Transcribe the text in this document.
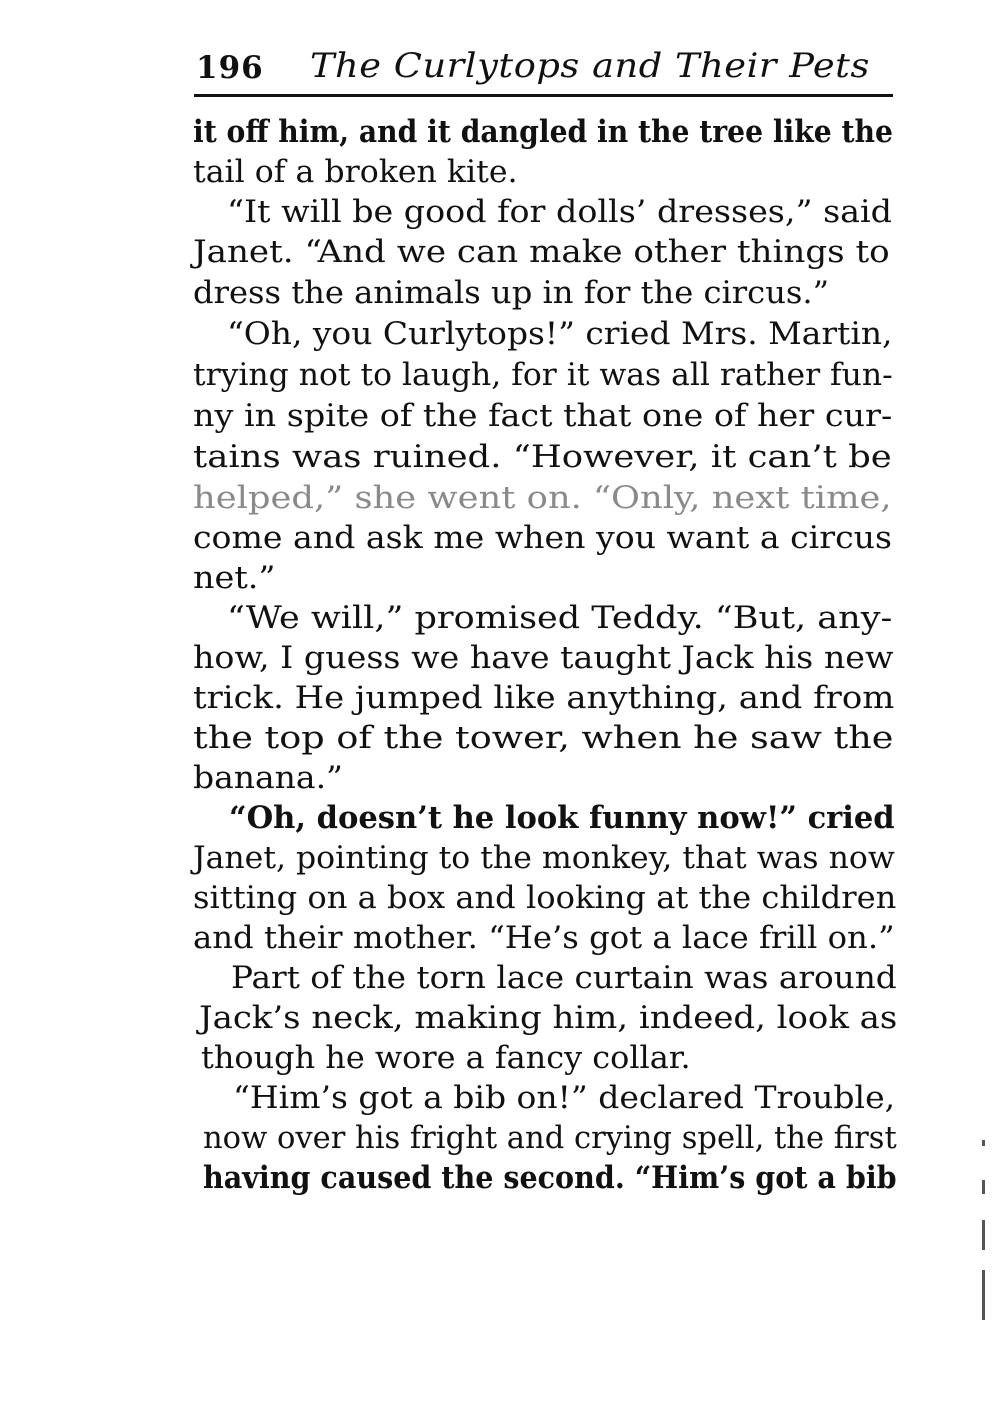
196 The Curlytops and Their Pets
it off him, and it dangled in the tree like the
tail of a broken kite.
“It will be good for dolls’ dresses,” said
Janet. “And we can make other things to
dress the animals up in for the circus.”
“Oh, you Curlytops!” cried Mrs. Martin,
trying not to laugh, for it was all rather fun-
ny in spite of the fact that one of her cur-
tains was ruined. “However, it can’t be
helped,” she went on. “Only, next time,
come and ask me when you want a circus
net.”
“We will,” promised Teddy. “But, any-
how, I guess we have taught Jack his new
trick. He jumped like anything, and from
the top of the tower, when he saw the
banana.”
“Oh, doesn’t he look funny now!” cried
Janet, pointing to the monkey, that was now
sitting on a box and looking at the children
and their mother. “He’s got a lace frill on.”
Part of the torn lace curtain was around
Jack’s neck, making him, indeed, look as
though he wore a fancy collar.
“Him’s got a bib on!” declared Trouble,
now over his fright and crying spell, the first
having caused the second. “Him’s got a bib
